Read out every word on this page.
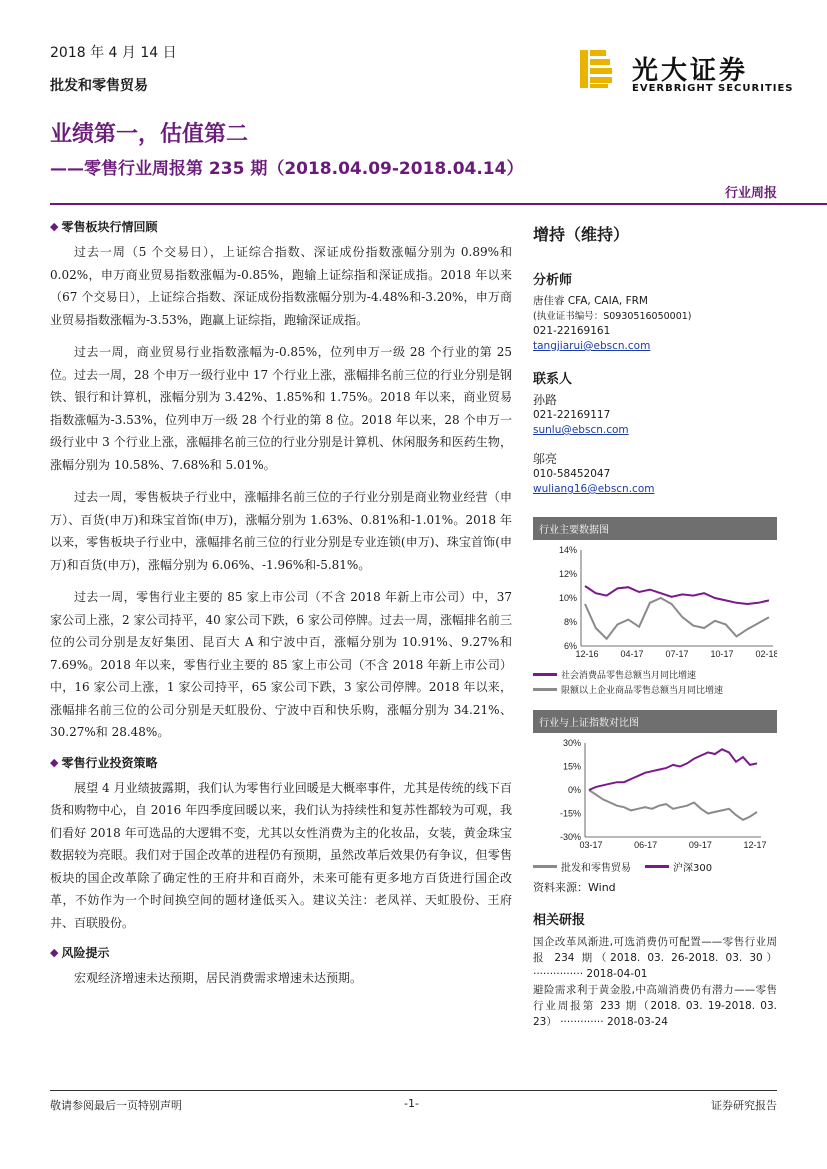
2018 年 4 月 14 日
批发和零售贸易	光大证券
EVERBRIGHT SECURITIES
业绩第一，估值第二
——零售行业周报第 235 期（2018.04.09-2018.04.14）
行业周报
◆ 零售板块行情回顾

过去一周（5 个交易日），上证综合指数、深证成份指数涨幅分别为 0.89%和 0.02%，申万商业贸易指数涨幅为-0.85%，跑输上证综指和深证成指。2018 年以来（67 个交易日），上证综合指数、深证成份指数涨幅分别为-4.48%和-3.20%，申万商业贸易指数涨幅为-3.53%，跑赢上证综指，跑输深证成指。

过去一周，商业贸易行业指数涨幅为-0.85%，位列申万一级 28 个行业的第 25 位。过去一周，28 个申万一级行业中 17 个行业上涨，涨幅排名前三位的行业分别是钢铁、银行和计算机，涨幅分别为 3.42%、1.85%和 1.75%。2018 年以来，商业贸易指数涨幅为-3.53%，位列申万一级 28 个行业的第 8 位。2018 年以来，28 个申万一级行业中 3 个行业上涨，涨幅排名前三位的行业分别是计算机、休闲服务和医药生物，涨幅分别为 10.58%、7.68%和 5.01%。

过去一周，零售板块子行业中，涨幅排名前三位的子行业分别是商业物业经营（申万）、百货(申万)和珠宝首饰(申万)，涨幅分别为 1.63%、0.81%和-1.01%。2018 年以来，零售板块子行业中，涨幅排名前三位的行业分别是专业连锁(申万)、珠宝首饰(申万)和百货(申万)，涨幅分别为 6.06%、-1.96%和-5.81%。

过去一周，零售行业主要的 85 家上市公司（不含 2018 年新上市公司）中，37 家公司上涨，2 家公司持平，40 家公司下跌，6 家公司停牌。过去一周，涨幅排名前三位的公司分别是友好集团、昆百大 A 和宁波中百，涨幅分别为 10.91%、9.27%和 7.69%。2018 年以来，零售行业主要的 85 家上市公司（不含 2018 年新上市公司）中，16 家公司上涨，1 家公司持平，65 家公司下跌，3 家公司停牌。2018 年以来，涨幅排名前三位的公司分别是天虹股份、宁波中百和快乐购，涨幅分别为 34.21%、30.27%和 28.48%。

◆ 零售行业投资策略

展望 4 月业绩披露期，我们认为零售行业回暖是大概率事件，尤其是传统的线下百货和购物中心，自 2016 年四季度回暖以来，我们认为持续性和复苏性都较为可观，我们看好 2018 年可选品的大逻辑不变，尤其以女性消费为主的化妆品，女装，黄金珠宝数据较为亮眼。我们对于国企改革的进程仍有预期，虽然改革后效果仍有争议，但零售板块的国企改革除了确定性的王府井和百商外，未来可能有更多地方百货进行国企改革，不妨作为一个时间换空间的题材逢低买入。建议关注：老凤祥、天虹股份、王府井、百联股份。

◆ 风险提示

宏观经济增速未达预期，居民消费需求增速未达预期。

增持（维持）
分析师
唐佳睿 CFA, CAIA, FRM
(执业证书编号：S0930516050001)
021-22169161
tangjiarui@ebscn.com
联系人
孙路
021-22169117
sunlu@ebscn.com
邬亮
010-58452047
wuliang16@ebscn.com
行业主要数据图
14%
12%
10%
8%
6%
12-16 04-17 07-17 10-17 02-18
社会消费品零售总额当月同比增速
限额以上企业商品零售总额当月同比增速
行业与上证指数对比图
30%
15%
0%
-15%
-30%
03-17	06-17	09-17	12-17
批发和零售贸易	沪深300
资料来源：Wind
相关研报
国企改革风渐进,可选消费仍可配置——零售行业周报 234 期（2018. 03. 26-2018. 03. 30） ··············· 2018-04-01
避险需求利于黄金股,中高端消费仍有潜力——零售行业周报第 233 期（2018. 03. 19-2018. 03. 23） ············· 2018-03-24
敬请参阅最后一页特别声明	-1-	证券研究报告
